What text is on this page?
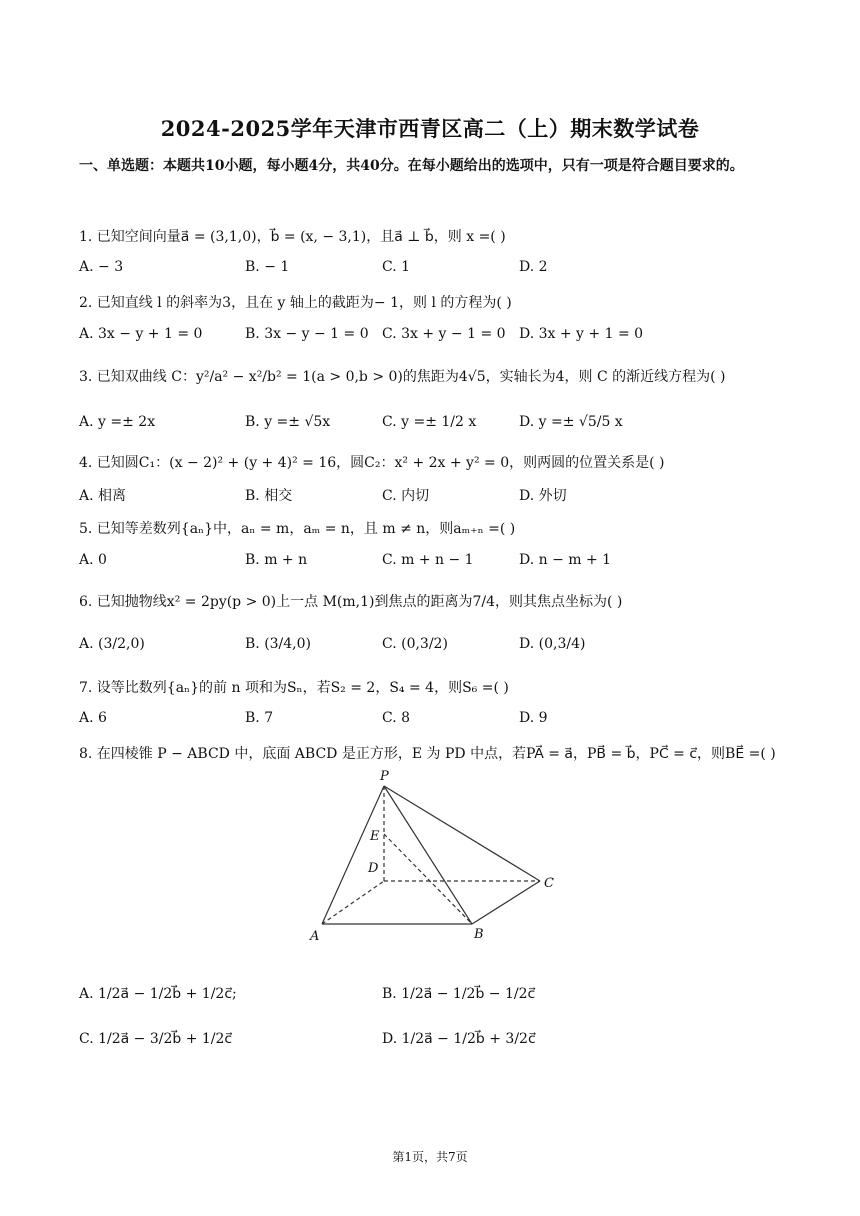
2024-2025学年天津市西青区高二（上）期末数学试卷
一、单选题：本题共10小题，每小题4分，共40分。在每小题给出的选项中，只有一项是符合题目要求的。
1. 已知空间向量a⃗ = (3,1,0)，b⃗ = (x, − 3,1)，且a⃗ ⊥ b⃗，则 x =( )
A. − 3	B. − 1	C. 1	D. 2
2. 已知直线 l 的斜率为3，且在 y 轴上的截距为− 1，则 l 的方程为( )
A. 3x − y + 1 = 0	B. 3x − y − 1 = 0 C. 3x + y − 1 = 0 D. 3x + y + 1 = 0
3. 已知双曲线 C：y²/a² − x²/b² = 1(a > 0,b > 0)的焦距为4√5，实轴长为4，则 C 的渐近线方程为( )
A. y =± 2x	B. y =± √5x	C. y =± 1/2 x	D. y =± √5/5 x
4. 已知圆C₁：(x − 2)² + (y + 4)² = 16，圆C₂：x² + 2x + y² = 0，则两圆的位置关系是( )
A. 相离	B. 相交	C. 内切	D. 外切
5. 已知等差数列{aₙ}中，aₙ = m，aₘ = n，且 m ≠ n，则aₘ₊ₙ =( )
A. 0	B. m + n	C. m + n − 1	D. n − m + 1
6. 已知抛物线x² = 2py(p > 0)上一点 M(m,1)到焦点的距离为7/4，则其焦点坐标为( )
A. (3/2,0)	B. (3/4,0)	C. (0,3/2)	D. (0,3/4)
7. 设等比数列{aₙ}的前 n 项和为Sₙ，若S₂ = 2，S₄ = 4，则S₆ =( )
A. 6	B. 7	C. 8	D. 9
8. 在四棱锥 P − ABCD 中，底面 ABCD 是正方形，E 为 PD 中点，若PA⃗ = a⃗，PB⃗ = b⃗，PC⃗ = c⃗，则BE⃗ =( )
P
E
D
C
A	B
A. 1/2a⃗ − 1/2b⃗ + 1/2c⃗;	B. 1/2a⃗ − 1/2b⃗ − 1/2c⃗
C. 1/2a⃗ − 3/2b⃗ + 1/2c⃗	D. 1/2a⃗ − 1/2b⃗ + 3/2c⃗
第1页，共7页
